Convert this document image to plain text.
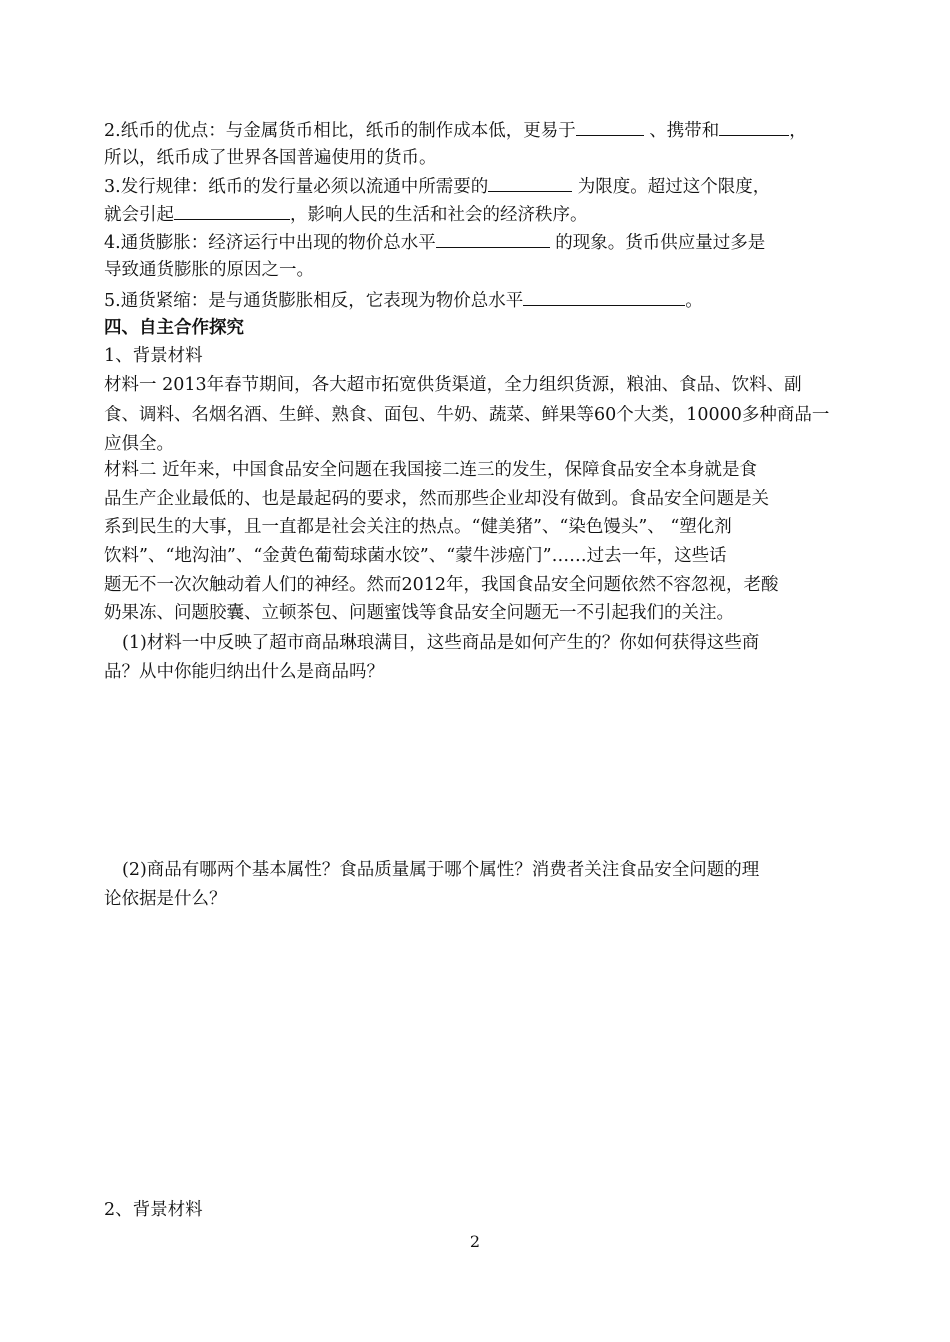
2.纸币的优点：与金属货币相比，纸币的制作成本低，更易于	、携带和	，
所以，纸币成了世界各国普遍使用的货币。
3.发行规律：纸币的发行量必须以流通中所需要的	为限度。超过这个限度，
就会引起	，影响人民的生活和社会的经济秩序。
4.通货膨胀：经济运行中出现的物价总水平	的现象。货币供应量过多是
导致通货膨胀的原因之一。
5.通货紧缩：是与通货膨胀相反，它表现为物价总水平	。
四、自主合作探究
1、背景材料
材料一 2013年春节期间，各大超市拓宽供货渠道，全力组织货源，粮油、食品、饮料、副
食、调料、名烟名酒、生鲜、熟食、面包、牛奶、蔬菜、鲜果等60个大类，10000多种商品一
应俱全。
材料二 近年来，中国食品安全问题在我国接二连三的发生，保障食品安全本身就是食
品生产企业最低的、也是最起码的要求，然而那些企业却没有做到。食品安全问题是关
系到民生的大事，且一直都是社会关注的热点。“健美猪”、“染色馒头”、 “塑化剂
饮料”、“地沟油”、“金黄色葡萄球菌水饺”、“蒙牛涉癌门”……过去一年，这些话
题无不一次次触动着人们的神经。然而2012年，我国食品安全问题依然不容忽视，老酸
奶果冻、问题胶囊、立顿茶包、问题蜜饯等食品安全问题无一不引起我们的关注。
(1)材料一中反映了超市商品琳琅满目，这些商品是如何产生的？你如何获得这些商
品？从中你能归纳出什么是商品吗？
(2)商品有哪两个基本属性？食品质量属于哪个属性？消费者关注食品安全问题的理
论依据是什么？
2、背景材料
2
